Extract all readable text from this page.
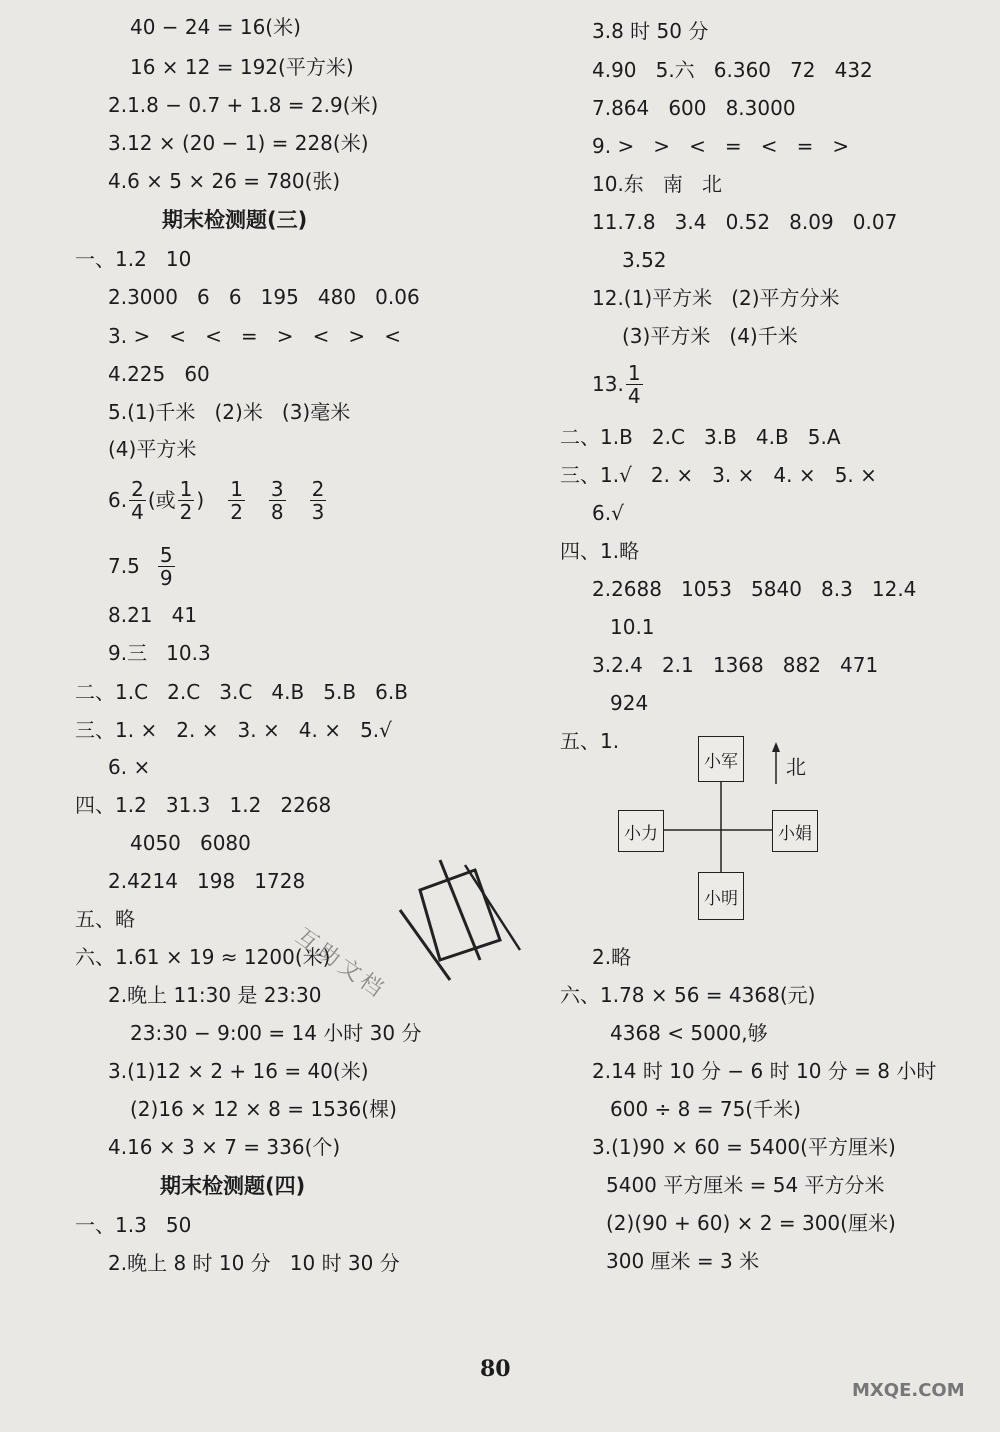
40 − 24 = 16(米)
16 × 12 = 192(平方米)
2.1.8 − 0.7 + 1.8 = 2.9(米)
3.12 × (20 − 1) = 228(米)
4.6 × 5 × 26 = 780(张)
期末检测题(三)
一、1.2   10
2.3000   6   6   195   480   0.06
3. >   <   <   =   >   <   >   <
4.225   60
5.(1)千米   (2)米   (3)毫米
(4)平方米
6. $\frac{2}{4}$ (或 $\frac{1}{2}$ ) $\frac{1}{2} \frac{3}{8} \frac{2}{3}$
$7.5 \frac{5}{9}$
8.21   41
9.三   10.3
二、1.C   2.C   3.C   4.B   5.B   6.B
三、1. ×   2. ×   3. ×   4. ×   5.√
6. ×
四、1.2   31.3   1.2   2268
4050   6080
2.4214   198   1728
五、略
六、1.61 × 19 ≈ 1200(米)
2.晚上 11:30 是 23:30
23:30 − 9:00 = 14 小时 30 分
3.(1)12 × 2 + 16 = 40(米)
(2)16 × 12 × 8 = 1536(棵)
4.16 × 3 × 7 = 336(个)
期末检测题(四)
一、1.3   50
2.晚上 8 时 10 分   10 时 30 分
3.8 时 50 分
4.90   5.六   6.360   72   432
7.864   600   8.3000
9. >   >   <   =   <   =   >
10.东   南   北
11.7.8   3.4   0.52   8.09   0.07
3.52
12.(1)平方米   (2)平方分米
(3)平方米   (4)千米
13. $\frac{1}{4}$
二、1.B   2.C   3.B   4.B   5.A
三、1.√   2. ×   3. ×   4. ×   5. ×
6.√
四、1.略
2.2688   1053   5840   8.3   12.4
10.1
3.2.4   2.1   1368   882   471
924
五、1.
小军
小力	小娟
小明
北
2.略
六、1.78 × 56 = 4368(元)
4368 < 5000,够
2.14 时 10 分 − 6 时 10 分 = 8 小时
600 ÷ 8 = 75(千米)
3.(1)90 × 60 = 5400(平方厘米)
5400 平方厘米 = 54 平方分米
(2)(90 + 60) × 2 = 300(厘米)
300 厘米 = 3 米
80
互助文档
MXQE.COM
